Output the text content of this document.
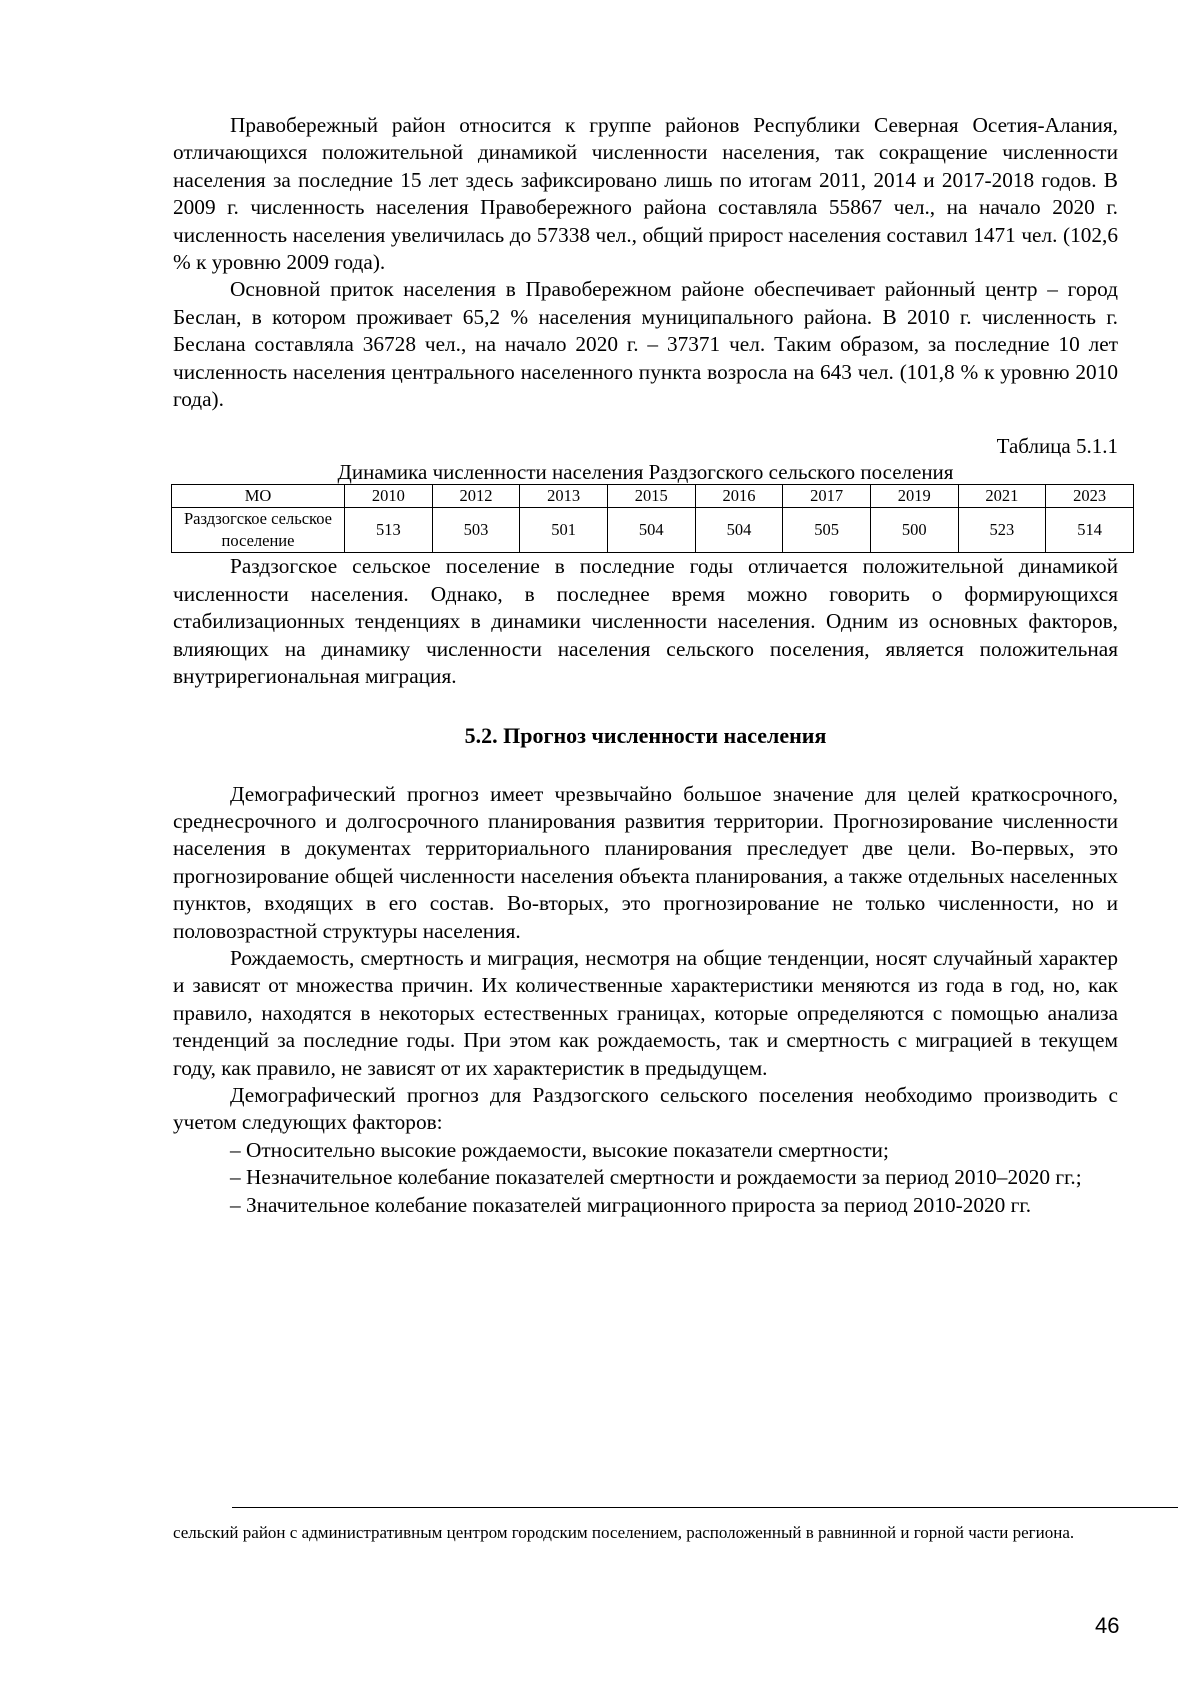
Правобережный район относится к группе районов Республики Северная Осетия-Алания, отличающихся положительной динамикой численности населения, так сокращение численности населения за последние 15 лет здесь зафиксировано лишь по итогам 2011, 2014 и 2017-2018 годов. В 2009 г. численность населения Правобережного района составляла 55867 чел., на начало 2020 г. численность населения увеличилась до 57338 чел., общий прирост населения составил 1471 чел. (102,6 % к уровню 2009 года).

Основной приток населения в Правобережном районе обеспечивает районный центр – город Беслан, в котором проживает 65,2 % населения муниципального района. В 2010 г. численность г. Беслана составляла 36728 чел., на начало 2020 г. – 37371 чел. Таким образом, за последние 10 лет численность населения центрального населенного пункта возросла на 643 чел. (101,8 % к уровню 2010 года).

Таблица 5.1.1
Динамика численности населения Раздзогского сельского поселения
МО	2010	2012	2013	2015	2016	2017	2019	2021	2023
Раздзогское сельское поселение	513	503	501	504	504	505	500	523	514

Раздзогское сельское поселение в последние годы отличается положительной динамикой численности населения. Однако, в последнее время можно говорить о формирующихся стабилизационных тенденциях в динамики численности населения. Одним из основных факторов, влияющих на динамику численности населения сельского поселения, является положительная внутрирегиональная миграция.

5.2. Прогноз численности населения

Демографический прогноз имеет чрезвычайно большое значение для целей краткосрочного, среднесрочного и долгосрочного планирования развития территории. Прогнозирование численности населения в документах территориального планирования преследует две цели. Во-первых, это прогнозирование общей численности населения объекта планирования, а также отдельных населенных пунктов, входящих в его состав. Во-вторых, это прогнозирование не только численности, но и половозрастной структуры населения.

Рождаемость, смертность и миграция, несмотря на общие тенденции, носят случайный характер и зависят от множества причин. Их количественные характеристики меняются из года в год, но, как правило, находятся в некоторых естественных границах, которые определяются с помощью анализа тенденций за последние годы. При этом как рождаемость, так и смертность с миграцией в текущем году, как правило, не зависят от их характеристик в предыдущем.

Демографический прогноз для Раздзогского сельского поселения необходимо производить с учетом следующих факторов:

– Относительно высокие рождаемости, высокие показатели смертности;

– Незначительное колебание показателей смертности и рождаемости за период 2010–2020 гг.;

– Значительное колебание показателей миграционного прироста за период 2010-2020 гг.

сельский район с административным центром городским поселением, расположенный в равнинной и горной части региона.
46
